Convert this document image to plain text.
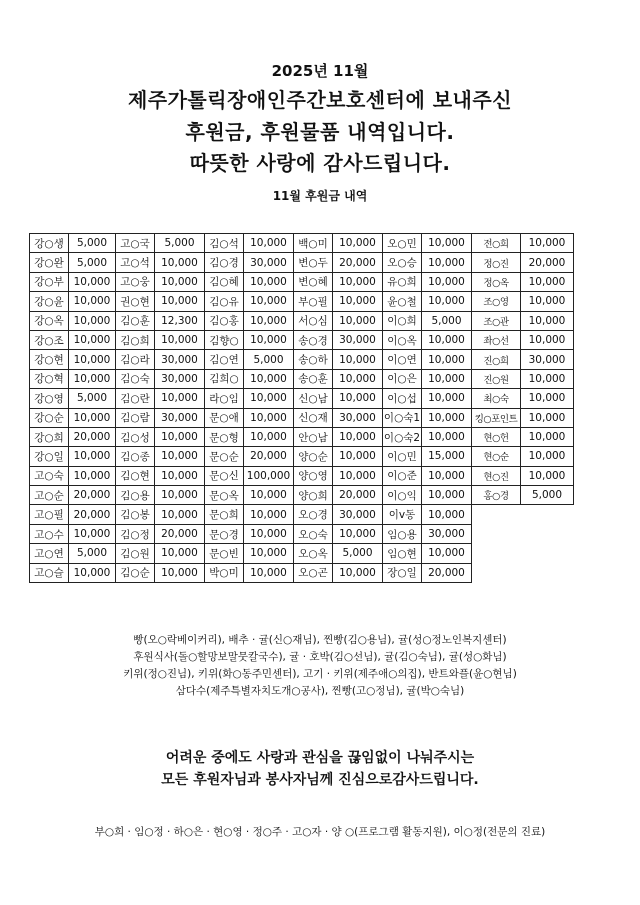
2025년 11월
제주가톨릭장애인주간보호센터에 보내주신
후원금, 후원물품 내역입니다.
따뜻한 사랑에 감사드립니다.
11월 후원금 내역
강○생	5,000	고○국	5,000	김○석	10,000	백○미	10,000	오○민	10,000	전○희	10,000
강○완	5,000	고○석	10,000	김○경	30,000	변○두	20,000	오○승	10,000	정○진	20,000
강○부	10,000	고○웅	10,000	김○혜	10,000	변○혜	10,000	유○희	10,000	정○옥	10,000
강○윤	10,000	권○현	10,000	김○유	10,000	부○필	10,000	윤○철	10,000	조○영	10,000
강○옥	10,000	김○훈	12,300	김○홍	10,000	서○심	10,000	이○희	5,000	조○관	10,000
강○조	10,000	김○희	10,000	김향○	10,000	송○경	30,000	이○옥	10,000	좌○선	10,000
강○현	10,000	김○라	30,000	김○연	5,000	송○하	10,000	이○연	10,000	진○희	30,000
강○혁	10,000	김○숙	30,000	김희○	10,000	송○훈	10,000	이○은	10,000	진○원	10,000
강○영	5,000	김○란	10,000	라○임	10,000	신○남	10,000	이○섭	10,000	최○숙	10,000
강○순	10,000	김○람	30,000	문○애	10,000	신○재	30,000	이○숙1	10,000	킹○포인트	10,000
강○희	20,000	김○성	10,000	문○형	10,000	안○남	10,000	이○숙2	10,000	현○헌	10,000
강○일	10,000	김○종	10,000	문○순	20,000	양○순	10,000	이○민	15,000	현○순	10,000
고○숙	10,000	김○현	10,000	문○신	100,000	양○영	10,000	이○준	10,000	현○진	10,000
고○순	20,000	김○용	10,000	문○옥	10,000	양○희	20,000	이○익	10,000	홍○경	5,000
고○필	20,000	김○봉	10,000	문○희	10,000	오○경	30,000	이v동	10,000		
고○수	10,000	김○정	20,000	문○경	10,000	오○숙	10,000	임○용	30,000		
고○연	5,000	김○원	10,000	문○빈	10,000	오○옥	5,000	임○현	10,000		
고○슬	10,000	김○순	10,000	박○미	10,000	오○곤	10,000	장○일	20,000		
빵(오○락베이커리), 배추 · 귤(신○재님), 찐빵(김○용님), 귤(성○정노인복지센터)
후원식사(돌○할망보말뭇칼국수), 귤 · 호박(김○선님), 귤(김○숙님), 귤(성○화님)
키위(정○진님), 키위(화○동주민센터), 고기 · 키위(제주애○의집), 반트와플(윤○현님)
삼다수(제주특별자치도개○공사), 찐빵(고○정님), 귤(박○숙님)
어려운 중에도 사랑과 관심을 끊임없이 나눠주시는
모든 후원자님과 봉사자님께 진심으로감사드립니다.
부○희 · 임○정 · 하○은 · 현○영 · 정○주 · 고○자 · 양 ○(프로그램 활동지원), 이○정(전문의 진료)
